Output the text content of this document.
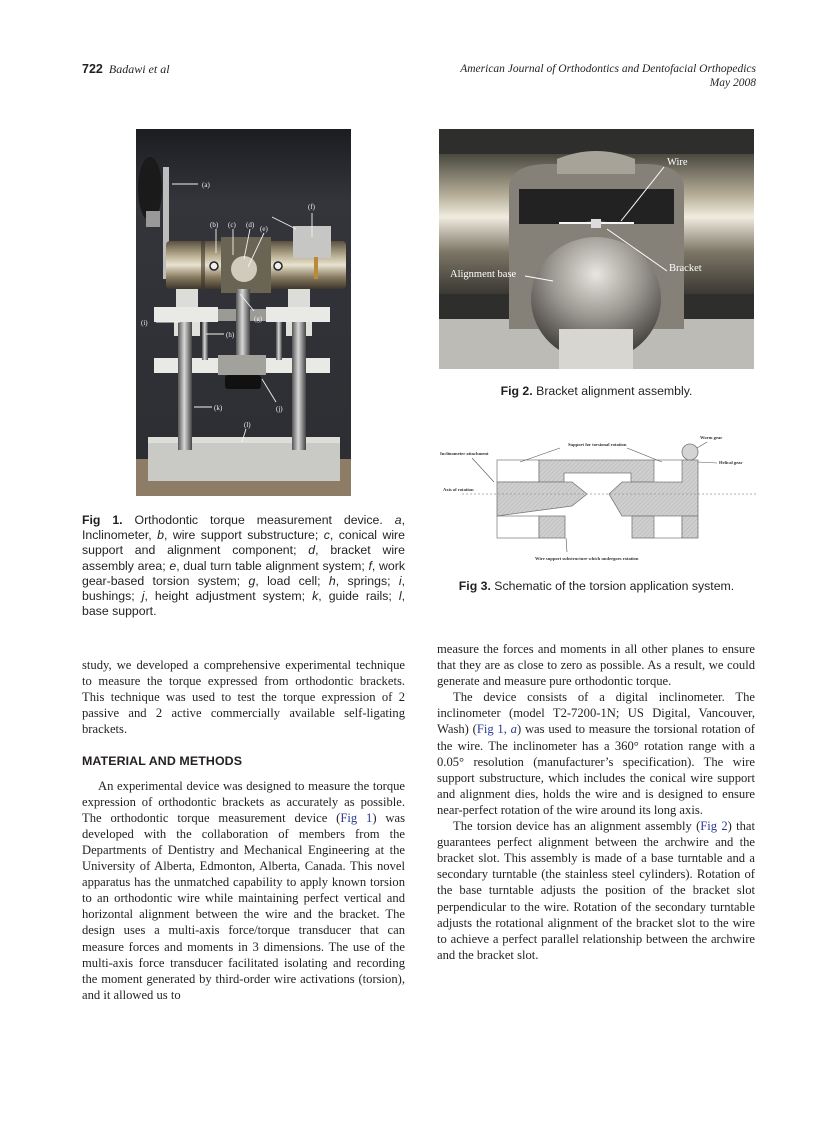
722 Badawi et al	American Journal of Orthodontics and Dentofacial Orthopedics
May 2008
(a)
(b) (c) (d) (e)
(f)
(g)
(h)
(i)
(j)
(k)
(l)
Wire
Bracket
Alignment base
Fig 2. Bracket alignment assembly.
Inclinometer attachment
Support for torsional rotation
Worm gear
Helical gear
Axis of rotation
Wire support substructure which undergoes rotation
Fig 3. Schematic of the torsion application system.
Fig 1. Orthodontic torque measurement device. a, Inclinometer, b, wire support substructure; c, conical wire support and alignment component; d, bracket wire assembly area; e, dual turn table alignment system; f, work gear-based torsion system; g, load cell; h, springs; i, bushings; j, height adjustment system; k, guide rails; l, base support.

study, we developed a comprehensive experimental technique to measure the torque expressed from orthodontic brackets. This technique was used to test the torque expression of 2 passive and 2 active commercially available self-ligating brackets.

MATERIAL AND METHODS

An experimental device was designed to measure the torque expression of orthodontic brackets as accurately as possible. The orthodontic torque measurement device (Fig 1) was developed with the collaboration of members from the Departments of Dentistry and Mechanical Engineering at the University of Alberta, Edmonton, Alberta, Canada. This novel apparatus has the unmatched capability to apply known torsion to an orthodontic wire while maintaining perfect vertical and horizontal alignment between the wire and the bracket. The design uses a multi-axis force/torque transducer that can measure forces and moments in 3 dimensions. The use of the multi-axis force transducer facilitated isolating and recording the moment generated by third-order wire activations (torsion), and it allowed us to

measure the forces and moments in all other planes to ensure that they are as close to zero as possible. As a result, we could generate and measure pure orthodontic torque.

The device consists of a digital inclinometer. The inclinometer (model T2-7200-1N; US Digital, Vancouver, Wash) (Fig 1, a) was used to measure the torsional rotation of the wire. The inclinometer has a 360° rotation range with a 0.05° resolution (manufacturer’s specification). The wire support substructure, which includes the conical wire support and alignment dies, holds the wire and is designed to ensure near-perfect rotation of the wire around its long axis.

The torsion device has an alignment assembly (Fig 2) that guarantees perfect alignment between the archwire and the bracket slot. This assembly is made of a base turntable and a secondary turntable (the stainless steel cylinders). Rotation of the base turntable adjusts the position of the bracket slot perpendicular to the wire. Rotation of the secondary turntable adjusts the rotational alignment of the bracket slot to the wire to achieve a perfect parallel relationship between the archwire and the bracket slot.
